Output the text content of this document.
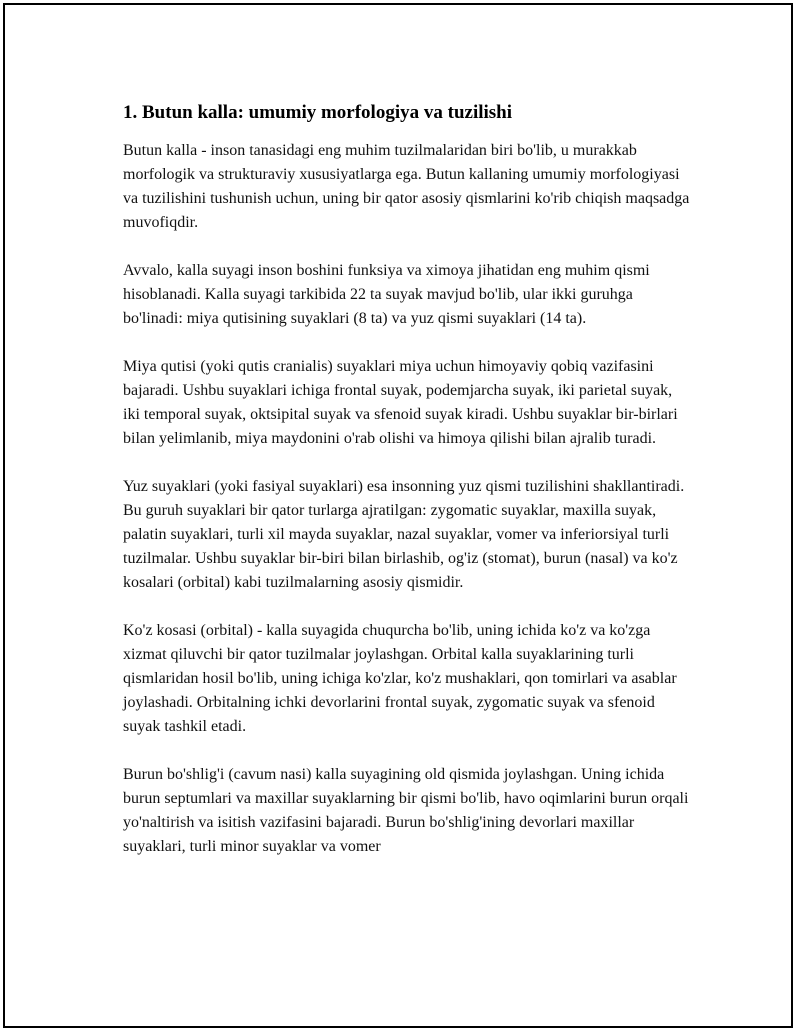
1. Butun kalla: umumiy morfologiya va tuzilishi

Butun kalla - inson tanasidagi eng muhim tuzilmalaridan biri bo'lib, u murakkab morfologik va strukturaviy xususiyatlarga ega. Butun kallaning umumiy morfologiyasi va tuzilishini tushunish uchun, uning bir qator asosiy qismlarini ko'rib chiqish maqsadga muvofiqdir.

Avvalo, kalla suyagi inson boshini funksiya va ximoya jihatidan eng muhim qismi hisoblanadi. Kalla suyagi tarkibida 22 ta suyak mavjud bo'lib, ular ikki guruhga bo'linadi: miya qutisining suyaklari (8 ta) va yuz qismi suyaklari (14 ta).

Miya qutisi (yoki qutis cranialis) suyaklari miya uchun himoyaviy qobiq vazifasini bajaradi. Ushbu suyaklari ichiga frontal suyak, podemjarcha suyak, iki parietal suyak, iki temporal suyak, oktsipital suyak va sfenoid suyak kiradi. Ushbu suyaklar bir-birlari bilan yelimlanib, miya maydonini o'rab olishi va himoya qilishi bilan ajralib turadi.

Yuz suyaklari (yoki fasiyal suyaklari) esa insonning yuz qismi tuzilishini shakllantiradi. Bu guruh suyaklari bir qator turlarga ajratilgan: zygomatic suyaklar, maxilla suyak, palatin suyaklari, turli xil mayda suyaklar, nazal suyaklar, vomer va inferiorsiyal turli tuzilmalar. Ushbu suyaklar bir-biri bilan birlashib, og'iz (stomat), burun (nasal) va ko'z kosalari (orbital) kabi tuzilmalarning asosiy qismidir.

Ko'z kosasi (orbital) - kalla suyagida chuqurcha bo'lib, uning ichida ko'z va ko'zga xizmat qiluvchi bir qator tuzilmalar joylashgan. Orbital kalla suyaklarining turli qismlaridan hosil bo'lib, uning ichiga ko'zlar, ko'z mushaklari, qon tomirlari va asablar joylashadi. Orbitalning ichki devorlarini frontal suyak, zygomatic suyak va sfenoid suyak tashkil etadi.

Burun bo'shlig'i (cavum nasi) kalla suyagining old qismida joylashgan. Uning ichida burun septumlari va maxillar suyaklarning bir qismi bo'lib, havo oqimlarini burun orqali yo'naltirish va isitish vazifasini bajaradi. Burun bo'shlig'ining devorlari maxillar suyaklari, turli minor suyaklar va vomer
